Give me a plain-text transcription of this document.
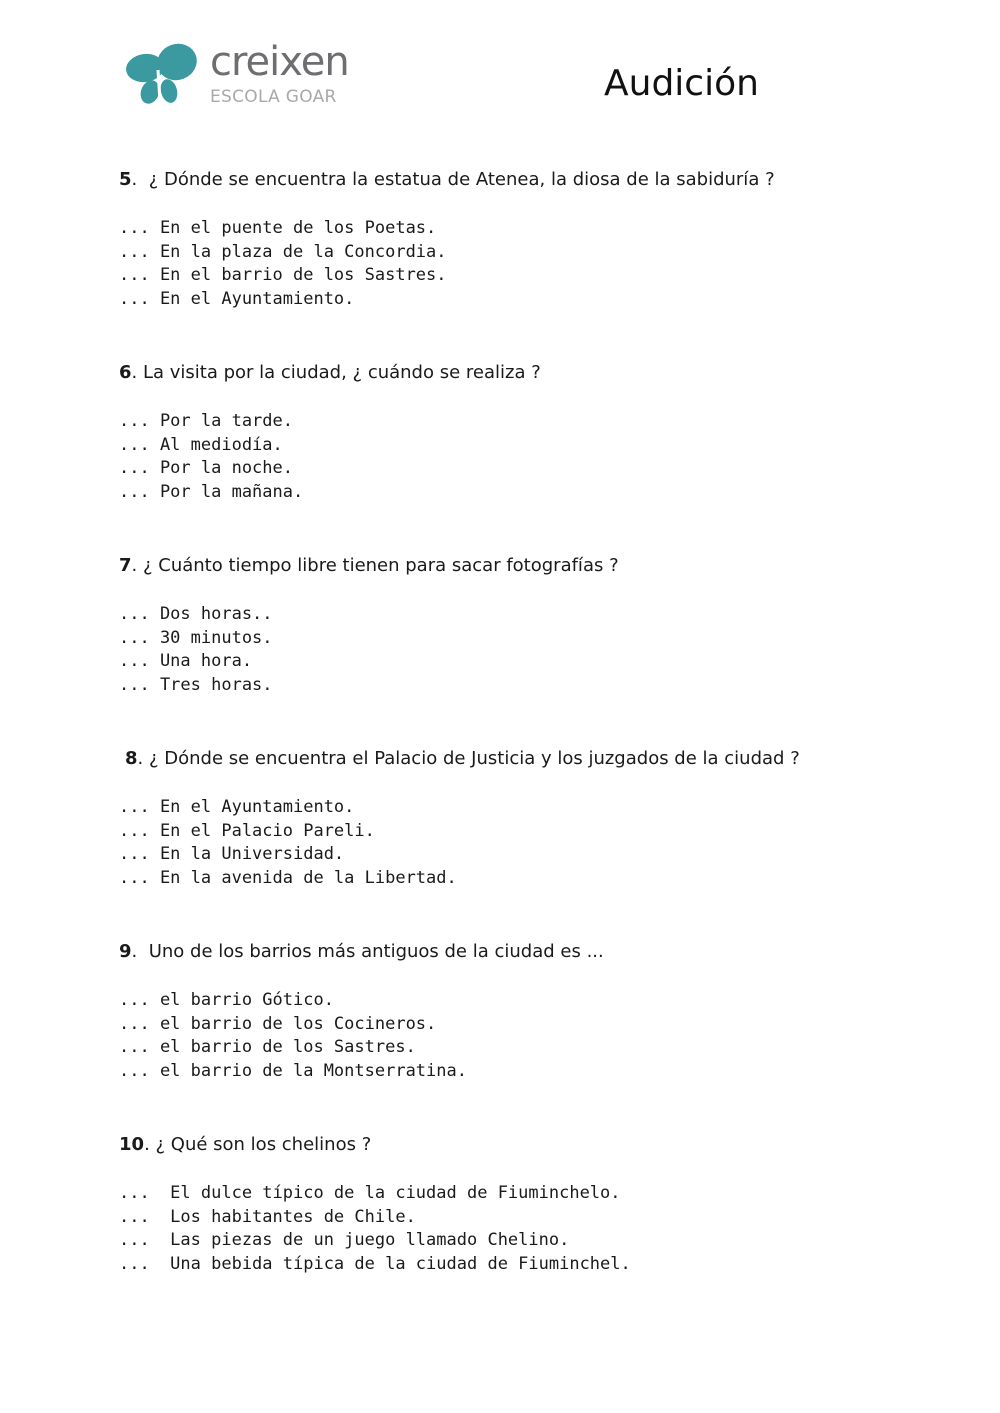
creixen
ESCOLA GOAR	Audición
5.  ¿ Dónde se encuentra la estatua de Atenea, la diosa de la sabiduría ?
... En el puente de los Poetas.
... En la plaza de la Concordia.
... En el barrio de los Sastres.
... En el Ayuntamiento.
6. La visita por la ciudad, ¿ cuándo se realiza ?
... Por la tarde.
... Al mediodía.
... Por la noche.
... Por la mañana.
7. ¿ Cuánto tiempo libre tienen para sacar fotografías ?
... Dos horas..
... 30 minutos.
... Una hora.
... Tres horas.
8. ¿ Dónde se encuentra el Palacio de Justicia y los juzgados de la ciudad ?
... En el Ayuntamiento.
... En el Palacio Pareli.
... En la Universidad.
... En la avenida de la Libertad.
9.  Uno de los barrios más antiguos de la ciudad es ...
... el barrio Gótico.
... el barrio de los Cocineros.
... el barrio de los Sastres.
... el barrio de la Montserratina.
10. ¿ Qué son los chelinos ?
...  El dulce típico de la ciudad de Fiuminchelo.
...  Los habitantes de Chile.
...  Las piezas de un juego llamado Chelino.
...  Una bebida típica de la ciudad de Fiuminchel.
